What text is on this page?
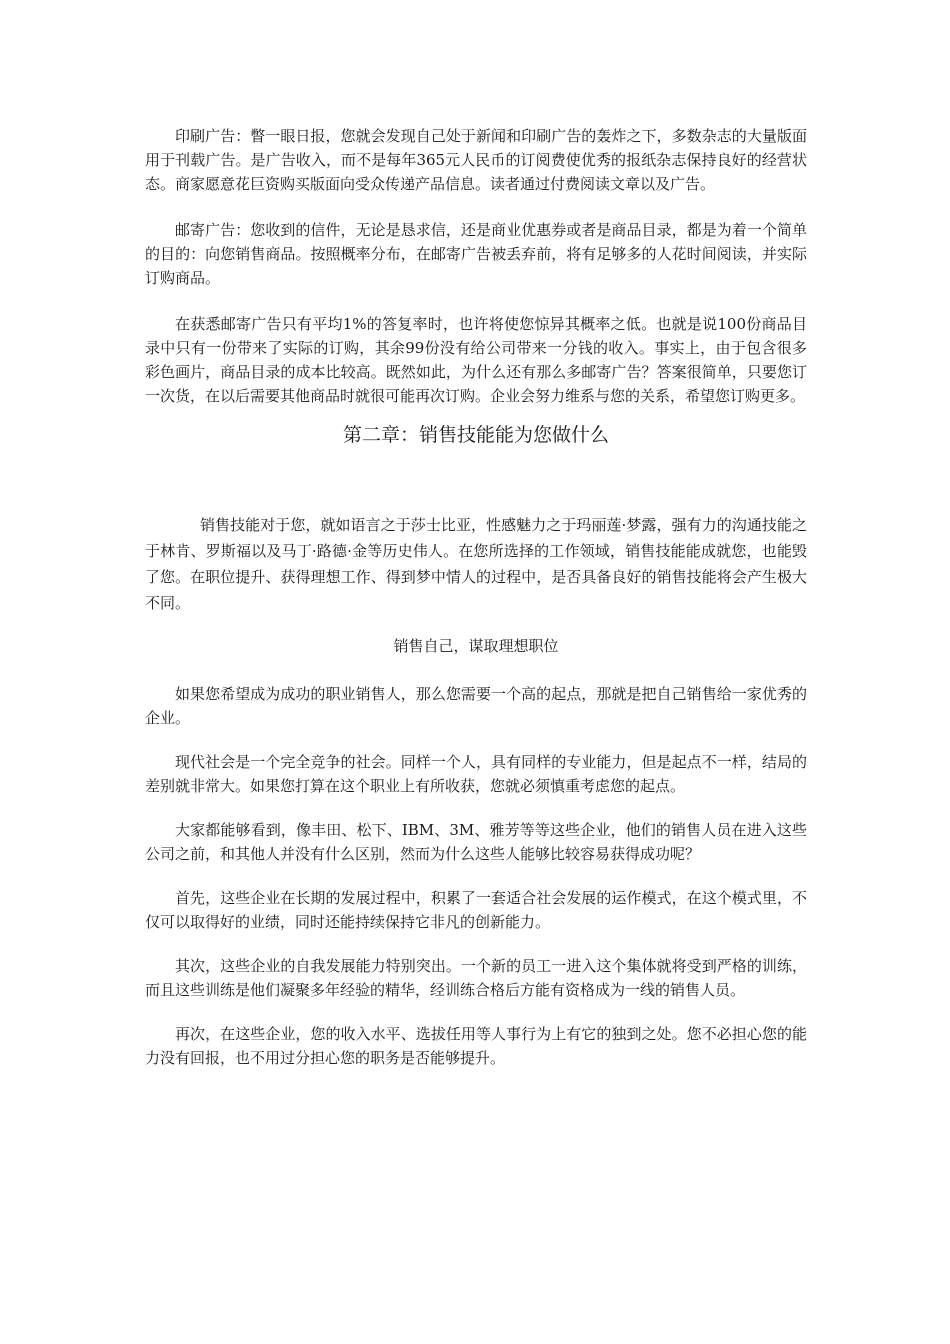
印刷广告：瞥一眼日报，您就会发现自己处于新闻和印刷广告的轰炸之下，多数杂志的大量版面用于刊载广告。是广告收入，而不是每年365元人民币的订阅费使优秀的报纸杂志保持良好的经营状态。商家愿意花巨资购买版面向受众传递产品信息。读者通过付费阅读文章以及广告。

邮寄广告：您收到的信件，无论是恳求信，还是商业优惠券或者是商品目录，都是为着一个简单的目的：向您销售商品。按照概率分布，在邮寄广告被丢弃前，将有足够多的人花时间阅读，并实际订购商品。

在获悉邮寄广告只有平均1%的答复率时，也许将使您惊异其概率之低。也就是说100份商品目录中只有一份带来了实际的订购，其余99份没有给公司带来一分钱的收入。事实上，由于包含很多彩色画片，商品目录的成本比较高。既然如此，为什么还有那么多邮寄广告？答案很简单，只要您订一次货，在以后需要其他商品时就很可能再次订购。企业会努力维系与您的关系，希望您订购更多。

第二章：销售技能能为您做什么

销售技能对于您，就如语言之于莎士比亚，性感魅力之于玛丽莲·梦露，强有力的沟通技能之于林肯、罗斯福以及马丁·路德·金等历史伟人。在您所选择的工作领域，销售技能能成就您，也能毁了您。在职位提升、获得理想工作、得到梦中情人的过程中，是否具备良好的销售技能将会产生极大不同。

销售自己，谋取理想职位

如果您希望成为成功的职业销售人，那么您需要一个高的起点，那就是把自己销售给一家优秀的企业。

现代社会是一个完全竞争的社会。同样一个人，具有同样的专业能力，但是起点不一样，结局的差别就非常大。如果您打算在这个职业上有所收获，您就必须慎重考虑您的起点。

大家都能够看到，像丰田、松下、IBM、3M、雅芳等等这些企业，他们的销售人员在进入这些公司之前，和其他人并没有什么区别，然而为什么这些人能够比较容易获得成功呢？

首先，这些企业在长期的发展过程中，积累了一套适合社会发展的运作模式，在这个模式里，不仅可以取得好的业绩，同时还能持续保持它非凡的创新能力。

其次，这些企业的自我发展能力特别突出。一个新的员工一进入这个集体就将受到严格的训练，而且这些训练是他们凝聚多年经验的精华，经训练合格后方能有资格成为一线的销售人员。

再次，在这些企业，您的收入水平、选拔任用等人事行为上有它的独到之处。您不必担心您的能力没有回报，也不用过分担心您的职务是否能够提升。
